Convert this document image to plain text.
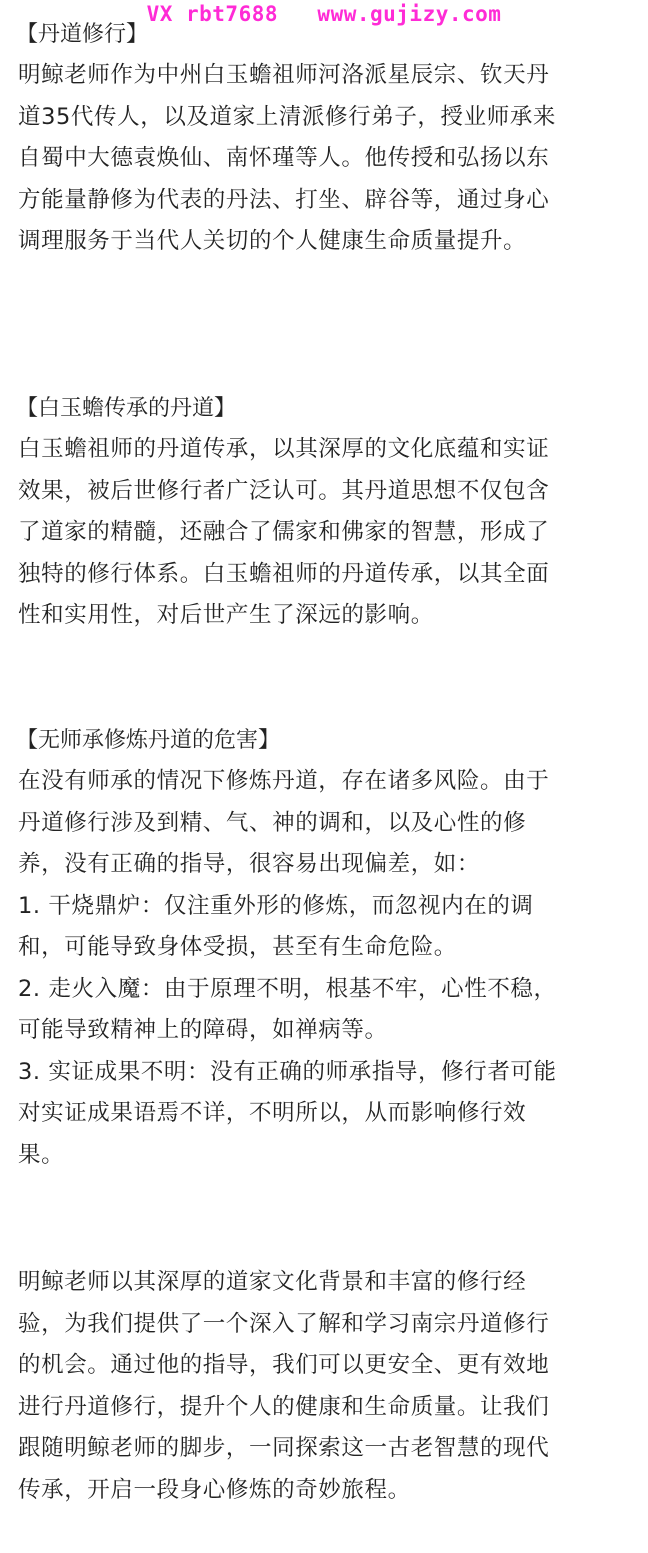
VX rbt7688   www.gujizy.com
【丹道修行】
明鲸老师作为中州白玉蟾祖师河洛派星辰宗、钦天丹
道35代传人，以及道家上清派修行弟子，授业师承来
自蜀中大德袁焕仙、南怀瑾等人。他传授和弘扬以东
方能量静修为代表的丹法、打坐、辟谷等，通过身心
调理服务于当代人关切的个人健康生命质量提升。
【白玉蟾传承的丹道】
白玉蟾祖师的丹道传承，以其深厚的文化底蕴和实证
效果，被后世修行者广泛认可。其丹道思想不仅包含
了道家的精髓，还融合了儒家和佛家的智慧，形成了
独特的修行体系。白玉蟾祖师的丹道传承，以其全面
性和实用性，对后世产生了深远的影响。
【无师承修炼丹道的危害】
在没有师承的情况下修炼丹道，存在诸多风险。由于
丹道修行涉及到精、气、神的调和，以及心性的修
养，没有正确的指导，很容易出现偏差，如：
1. 干烧鼎炉：仅注重外形的修炼，而忽视内在的调
和，可能导致身体受损，甚至有生命危险。
2. 走火入魔：由于原理不明，根基不牢，心性不稳，
可能导致精神上的障碍，如禅病等。
3. 实证成果不明：没有正确的师承指导，修行者可能
对实证成果语焉不详，不明所以，从而影响修行效
果。
明鲸老师以其深厚的道家文化背景和丰富的修行经
验，为我们提供了一个深入了解和学习南宗丹道修行
的机会。通过他的指导，我们可以更安全、更有效地
进行丹道修行，提升个人的健康和生命质量。让我们
跟随明鲸老师的脚步，一同探索这一古老智慧的现代
传承，开启一段身心修炼的奇妙旅程。
